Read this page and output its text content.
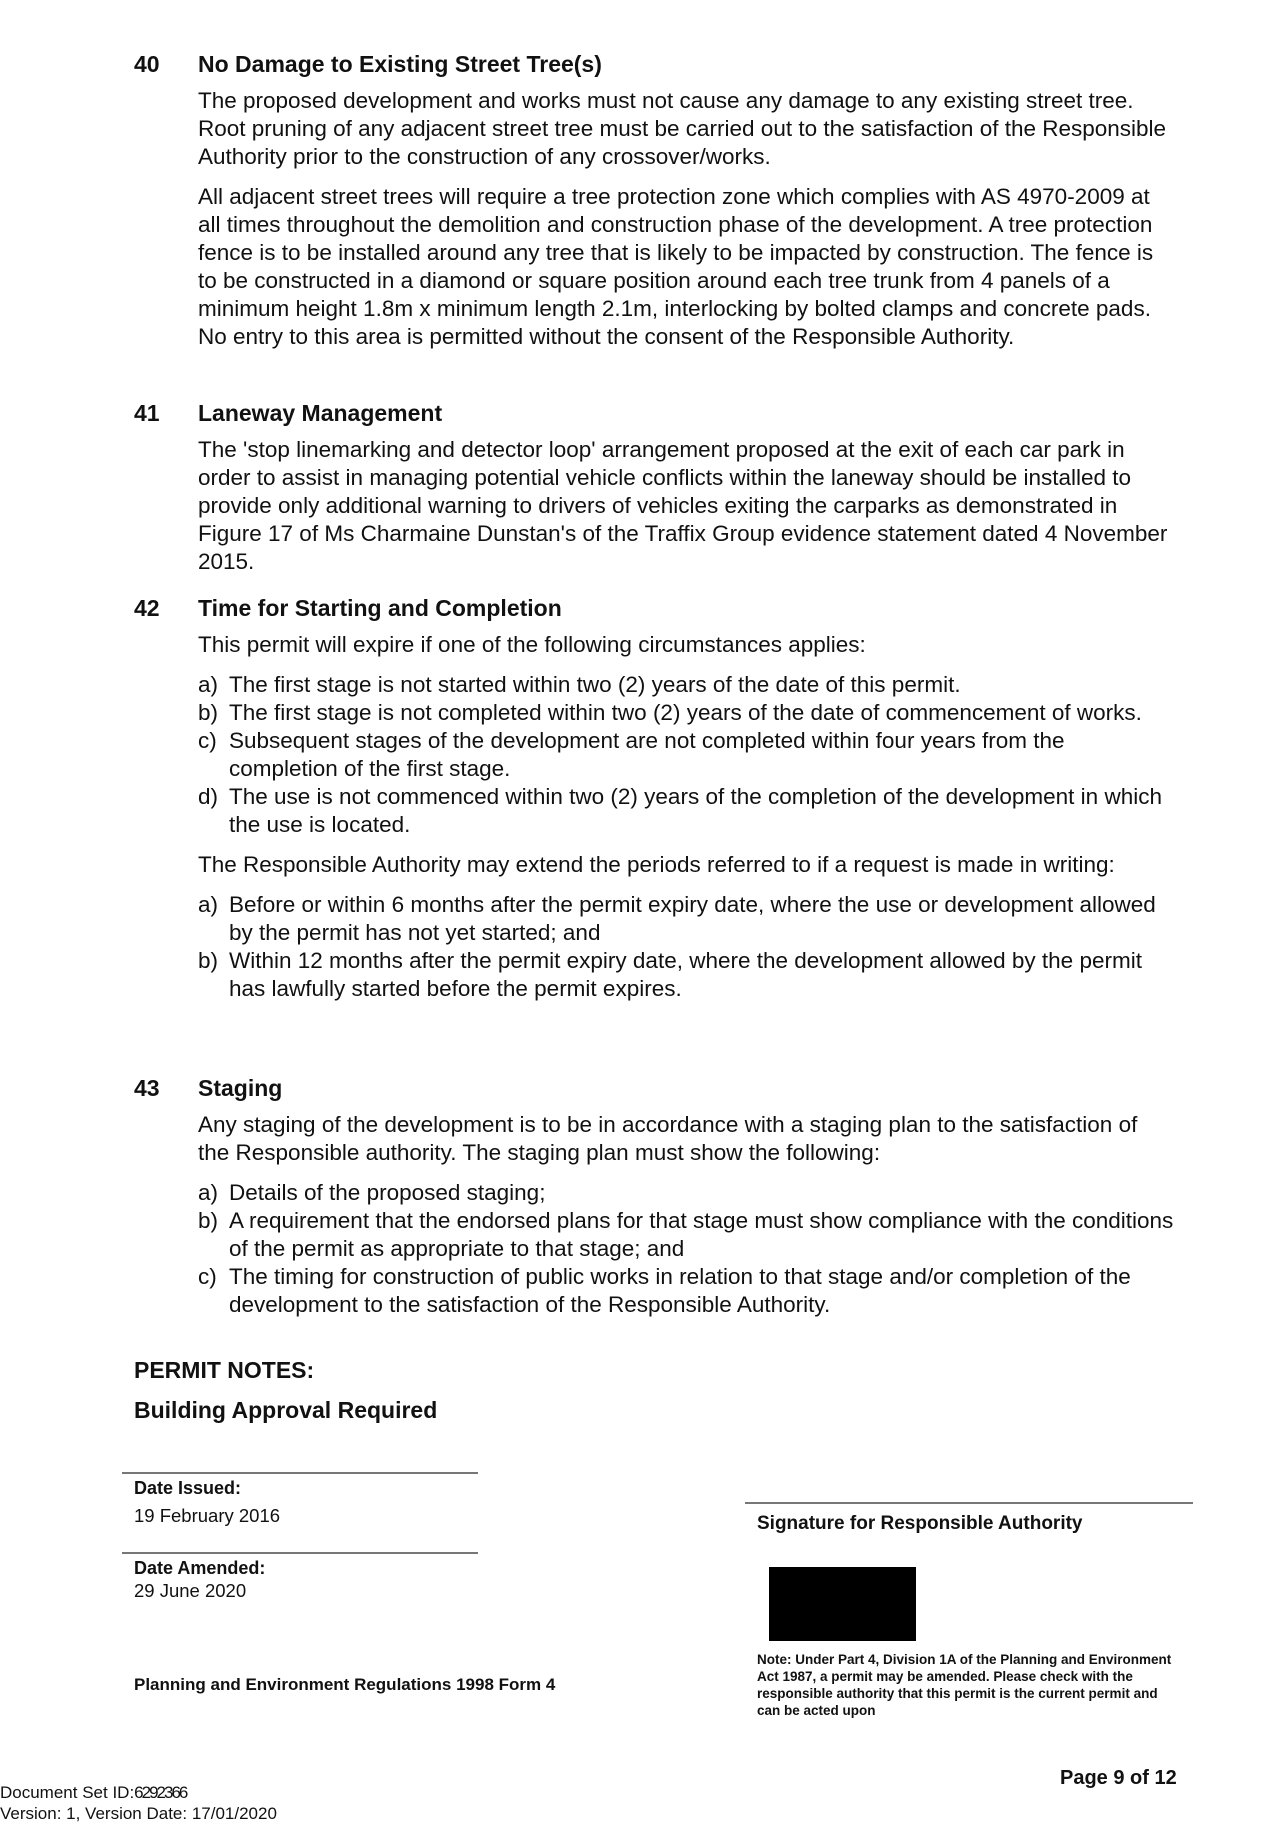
40	No Damage to Existing Street Tree(s)

The proposed development and works must not cause any damage to any existing street tree. Root pruning of any adjacent street tree must be carried out to the satisfaction of the Responsible Authority prior to the construction of any crossover/works.

All adjacent street trees will require a tree protection zone which complies with AS 4970-2009 at all times throughout the demolition and construction phase of the development. A tree protection fence is to be installed around any tree that is likely to be impacted by construction. The fence is to be constructed in a diamond or square position around each tree trunk from 4 panels of a minimum height 1.8m x minimum length 2.1m, interlocking by bolted clamps and concrete pads. No entry to this area is permitted without the consent of the Responsible Authority.

41	Laneway Management

The 'stop linemarking and detector loop' arrangement proposed at the exit of each car park in order to assist in managing potential vehicle conflicts within the laneway should be installed to provide only additional warning to drivers of vehicles exiting the carparks as demonstrated in Figure 17 of Ms Charmaine Dunstan's of the Traffix Group evidence statement dated 4 November 2015.

42	Time for Starting and Completion

This permit will expire if one of the following circumstances applies:

a) The first stage is not started within two (2) years of the date of this permit.
b) The first stage is not completed within two (2) years of the date of commencement of works.
c) Subsequent stages of the development are not completed within four years from the completion of the first stage.
d) The use is not commenced within two (2) years of the completion of the development in which the use is located.

The Responsible Authority may extend the periods referred to if a request is made in writing:

a) Before or within 6 months after the permit expiry date, where the use or development allowed by the permit has not yet started; and
b) Within 12 months after the permit expiry date, where the development allowed by the permit has lawfully started before the permit expires.
43	Staging

Any staging of the development is to be in accordance with a staging plan to the satisfaction of the Responsible authority. The staging plan must show the following:

a) Details of the proposed staging;
b) A requirement that the endorsed plans for that stage must show compliance with the conditions of the permit as appropriate to that stage; and
c) The timing for construction of public works in relation to that stage and/or completion of the development to the satisfaction of the Responsible Authority.
PERMIT NOTES:
Building Approval Required
Date Issued:
19 February 2016
Date Amended:
29 June 2020
Signature for Responsible Authority
Planning and Environment Regulations 1998 Form 4
Note: Under Part 4, Division 1A of the Planning and Environment Act 1987, a permit may be amended. Please check with the responsible authority that this permit is the current permit and can be acted upon
Page 9 of 12
Document Set ID:6292366
Version: 1, Version Date: 17/01/2020
